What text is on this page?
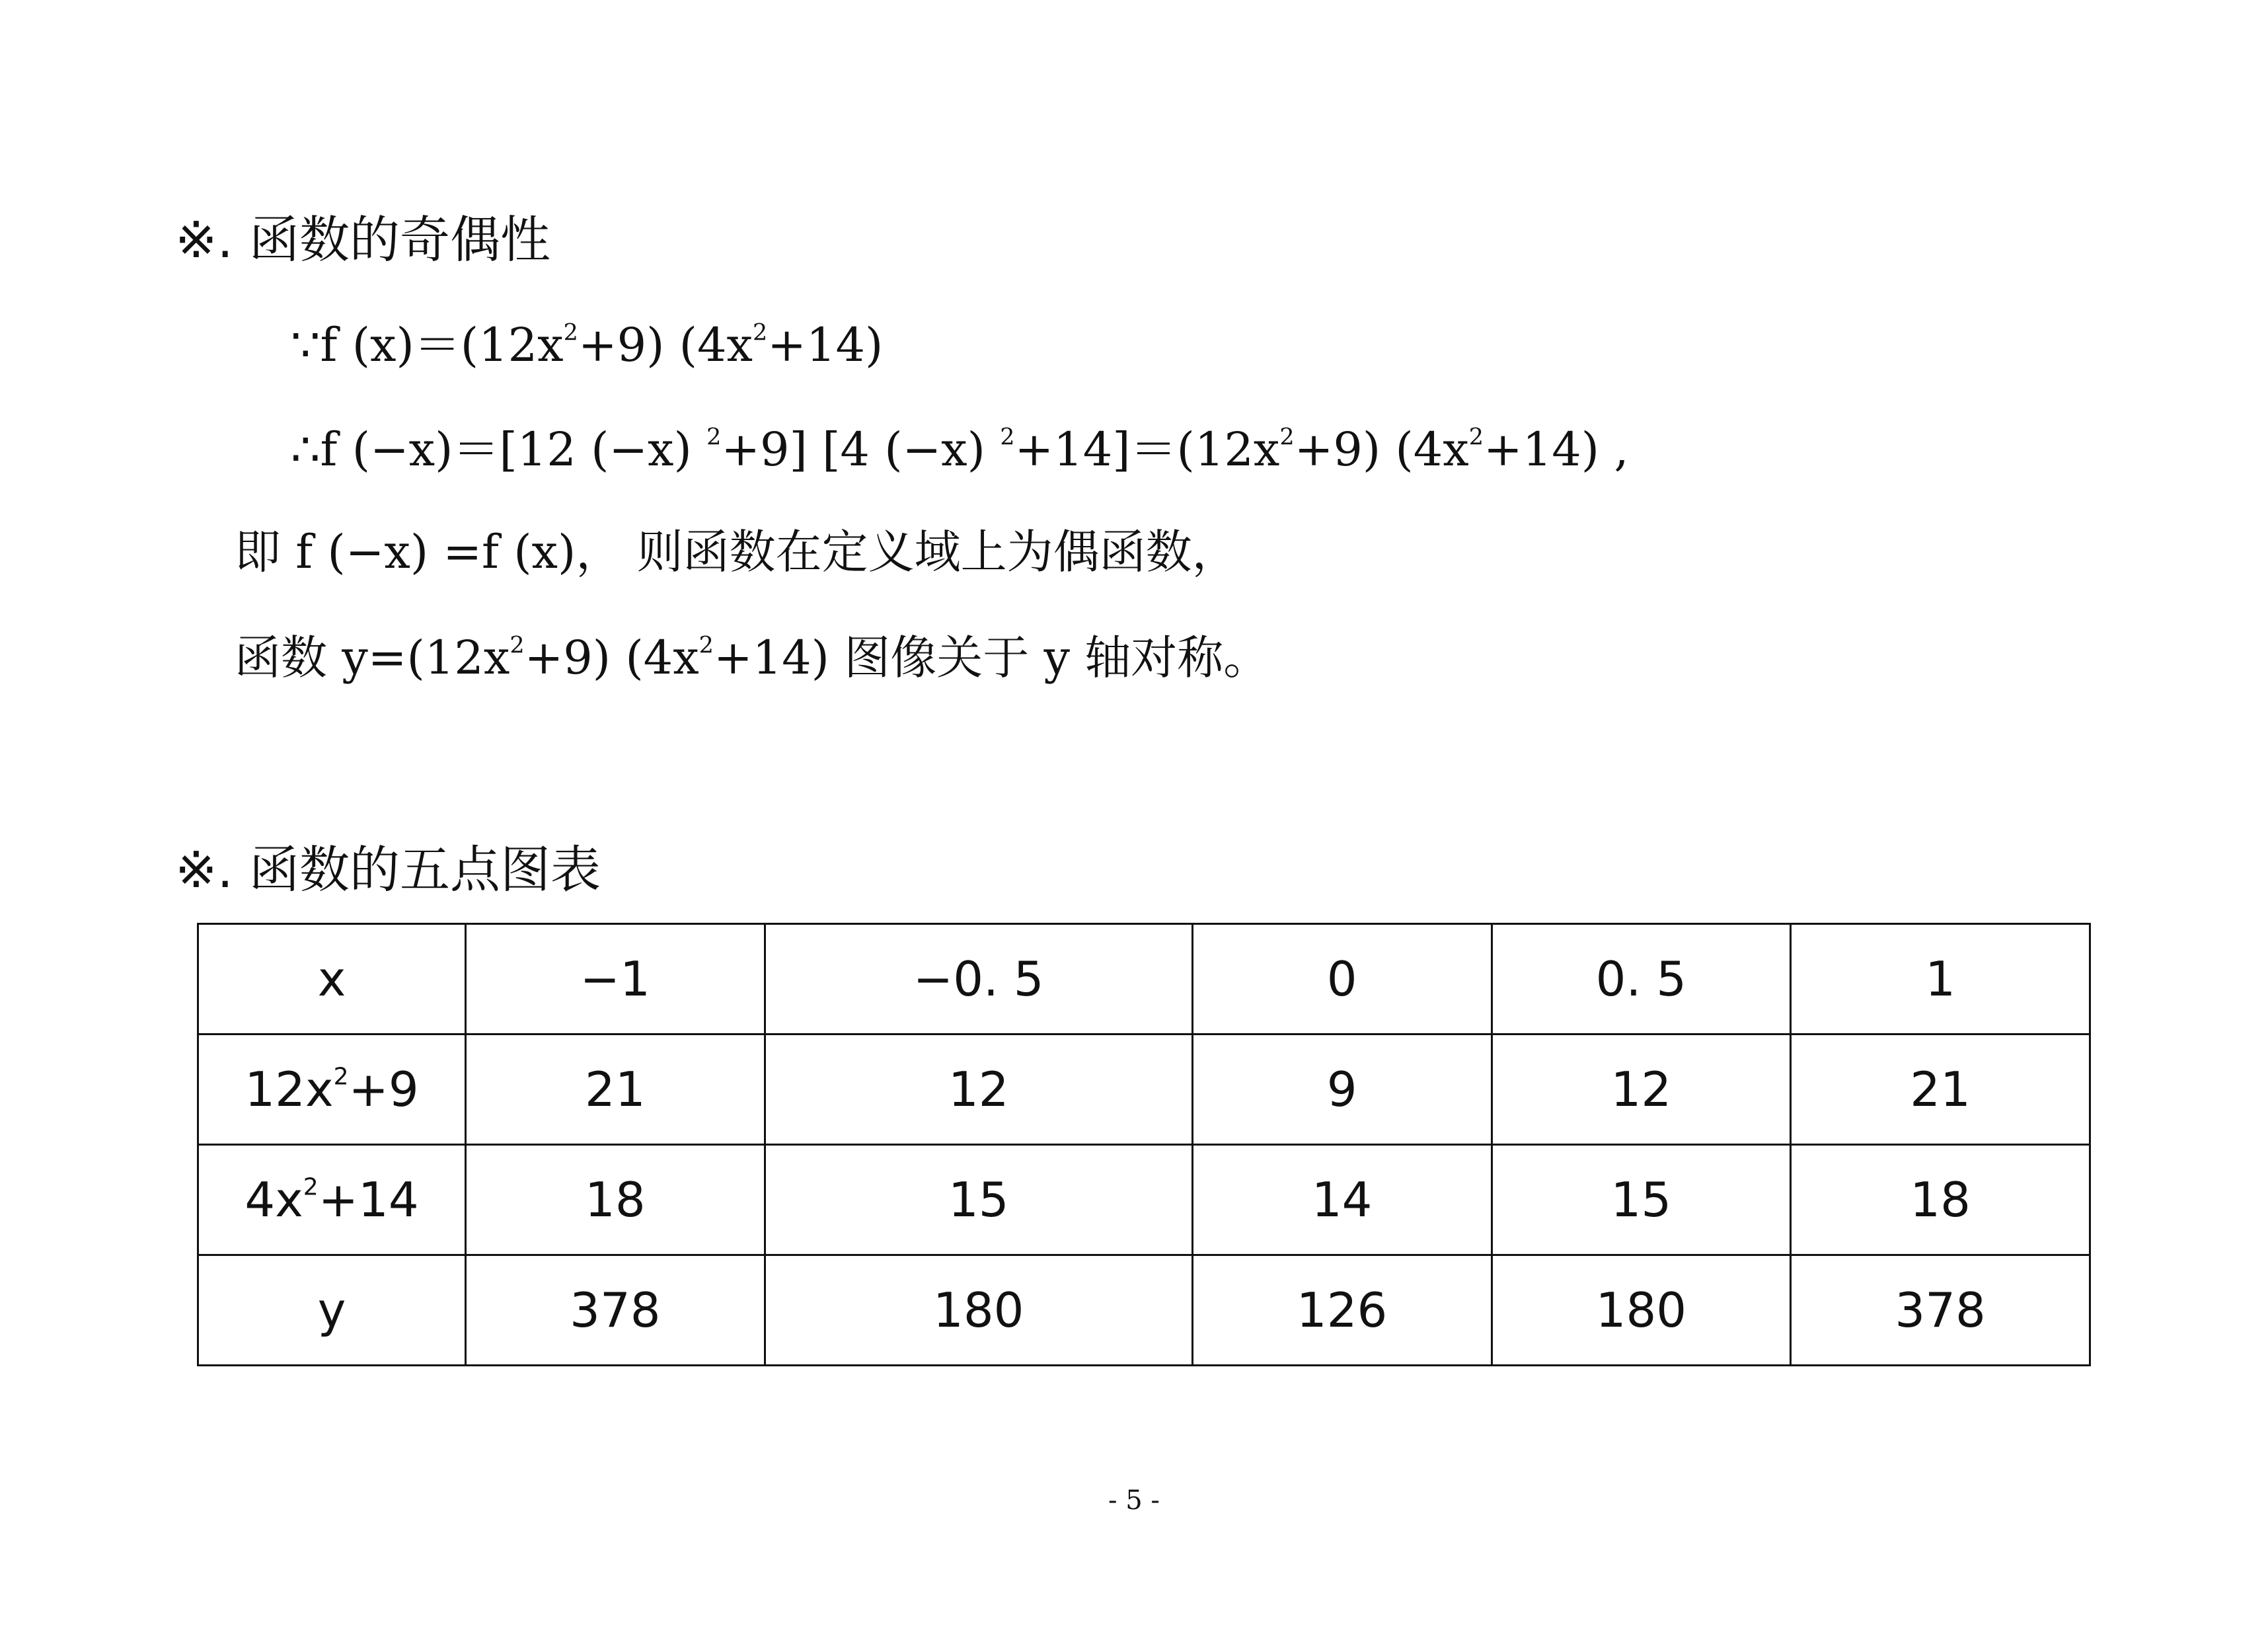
※. 函数的奇偶性
∵f $(x)=(12x^2+9)$ $(4x^2+14)$
∴f (−x)＝[12 (−x) $^2$+9] [4 (−x) $^2+14]=(12x^2+9)$ $(4x^2+14)$ ,
即 f (−x) =f (x)， 则函数在定义域上为偶函数，
函数 $y=(12x^2+9)$ $(4x^2+14)$ 图像关于 y 轴对称。
※. 函数的五点图表
x	−1	−0. 5	0	0. 5	1
$12x^2+9$	21	12	9	12	21
$4x^2+14$	18	15	14	15	18
y	378	180	126	180	378
- 5 -
